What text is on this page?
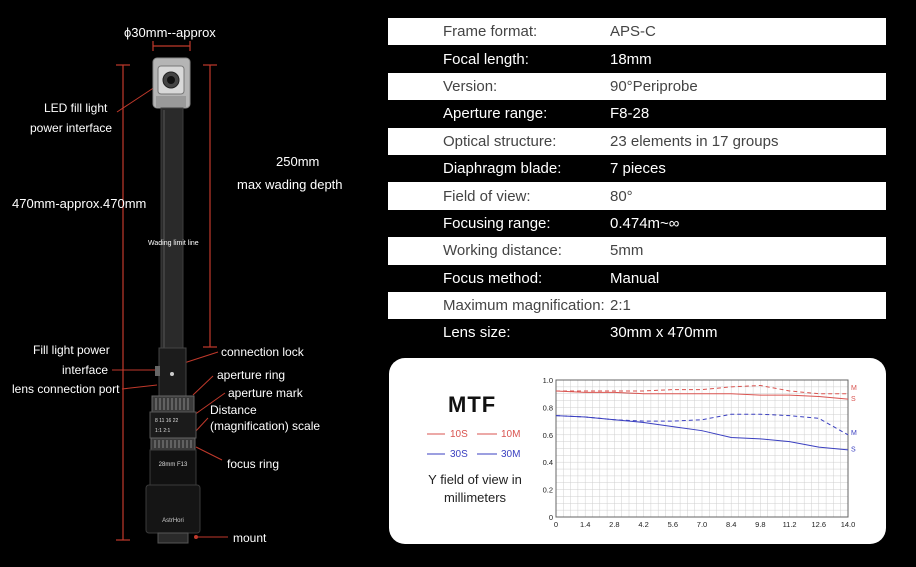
8 11 16 22
1:1 2:1
28mm F13
AstrHori
ϕ30mm--approx
LED fill light
power interface
470mm-approx.470mm
250mm
max wading depth
Wading limit line
Fill light power
interface
lens connection port
connection lock
aperture ring
aperture mark
Distance
(magnification) scale
focus ring
mount
Frame format:	APS-C
Focal length:	18mm
Version:	90°Periprobe
Aperture range:	F8-28
Optical structure:	23 elements in 17 groups
Diaphragm blade:	7 pieces
Field of view:	80°
Focusing range:	0.474m~∞
Working distance:	5mm
Focus method:	Manual
Maximum magnification: 2:1
Lens size:	30mm x 470mm
MTF
10S	10M
30S	30M
Y field of view in
millimeters
0	1.4	2.8	4.2	5.6	7.0	8.4	9.8 11.2 12.6 14.0
0
0.2
0.4
0.6
0.8
1.0
M
S
M
S
